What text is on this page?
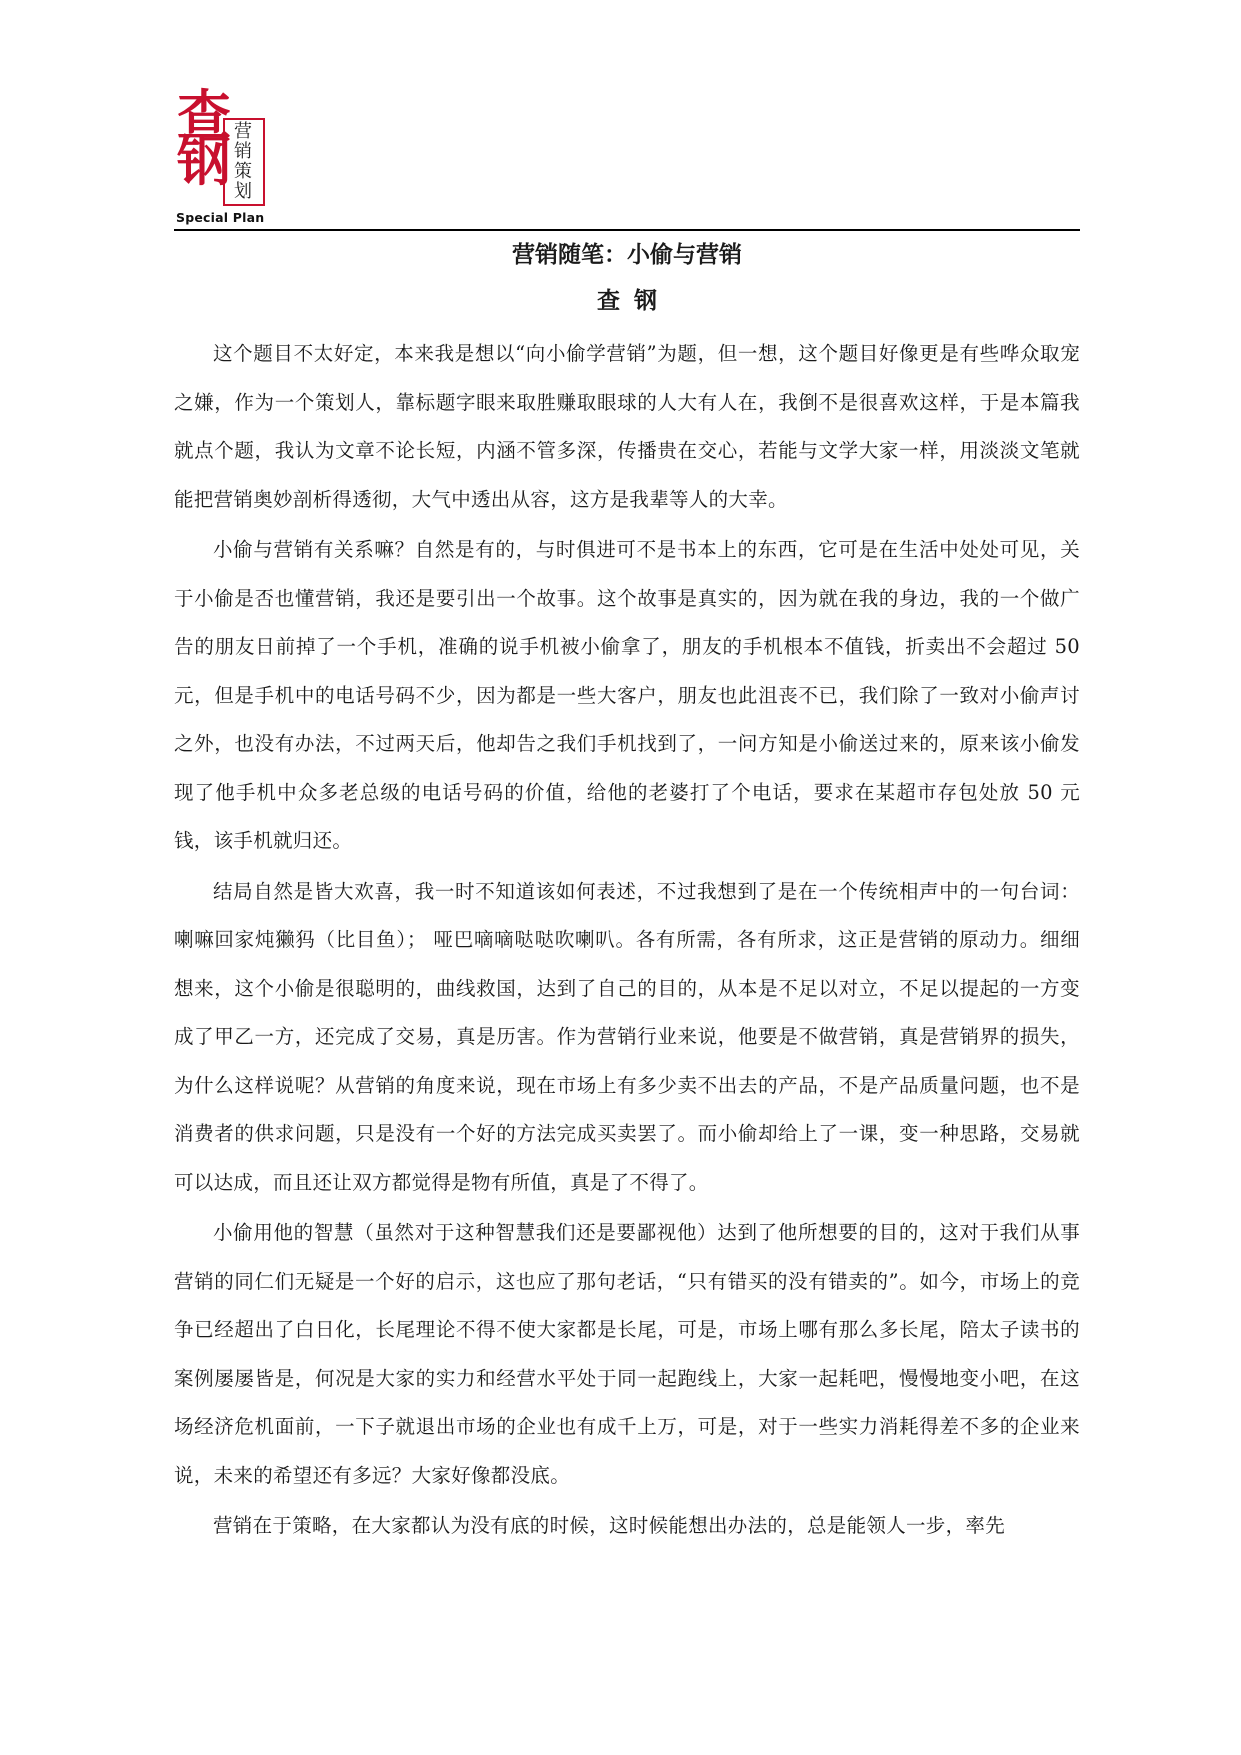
查
钢 营
销
策
划
Special Plan
营销随笔：小偷与营销
查钢

这个题目不太好定，本来我是想以“向小偷学营销”为题，但一想，这个题目好像更是有些哗众取宠之嫌，作为一个策划人，靠标题字眼来取胜赚取眼球的人大有人在，我倒不是很喜欢这样，于是本篇我就点个题，我认为文章不论长短，内涵不管多深，传播贵在交心，若能与文学大家一样，用淡淡文笔就能把营销奥妙剖析得透彻，大气中透出从容，这方是我辈等人的大幸。

小偷与营销有关系嘛？自然是有的，与时俱进可不是书本上的东西，它可是在生活中处处可见，关于小偷是否也懂营销，我还是要引出一个故事。这个故事是真实的，因为就在我的身边，我的一个做广告的朋友日前掉了一个手机，准确的说手机被小偷拿了，朋友的手机根本不值钱，折卖出不会超过 50 元，但是手机中的电话号码不少，因为都是一些大客户，朋友也此沮丧不已，我们除了一致对小偷声讨之外，也没有办法，不过两天后，他却告之我们手机找到了，一问方知是小偷送过来的，原来该小偷发现了他手机中众多老总级的电话号码的价值，给他的老婆打了个电话，要求在某超市存包处放 50 元钱，该手机就归还。

结局自然是皆大欢喜，我一时不知道该如何表述，不过我想到了是在一个传统相声中的一句台词：喇嘛回家炖獭犸（比目鱼）； 哑巴嘀嘀哒哒吹喇叭。各有所需，各有所求，这正是营销的原动力。细细想来，这个小偷是很聪明的，曲线救国，达到了自己的目的，从本是不足以对立，不足以提起的一方变成了甲乙一方，还完成了交易，真是历害。作为营销行业来说，他要是不做营销，真是营销界的损失，为什么这样说呢？从营销的角度来说，现在市场上有多少卖不出去的产品，不是产品质量问题，也不是消费者的供求问题，只是没有一个好的方法完成买卖罢了。而小偷却给上了一课，变一种思路，交易就可以达成，而且还让双方都觉得是物有所值，真是了不得了。

小偷用他的智慧（虽然对于这种智慧我们还是要鄙视他）达到了他所想要的目的，这对于我们从事营销的同仁们无疑是一个好的启示，这也应了那句老话，“只有错买的没有错卖的”。如今，市场上的竞争已经超出了白日化，长尾理论不得不使大家都是长尾，可是，市场上哪有那么多长尾，陪太子读书的案例屡屡皆是，何况是大家的实力和经营水平处于同一起跑线上，大家一起耗吧，慢慢地变小吧，在这场经济危机面前，一下子就退出市场的企业也有成千上万，可是，对于一些实力消耗得差不多的企业来说，未来的希望还有多远？大家好像都没底。

营销在于策略，在大家都认为没有底的时候，这时候能想出办法的，总是能领人一步，率先
